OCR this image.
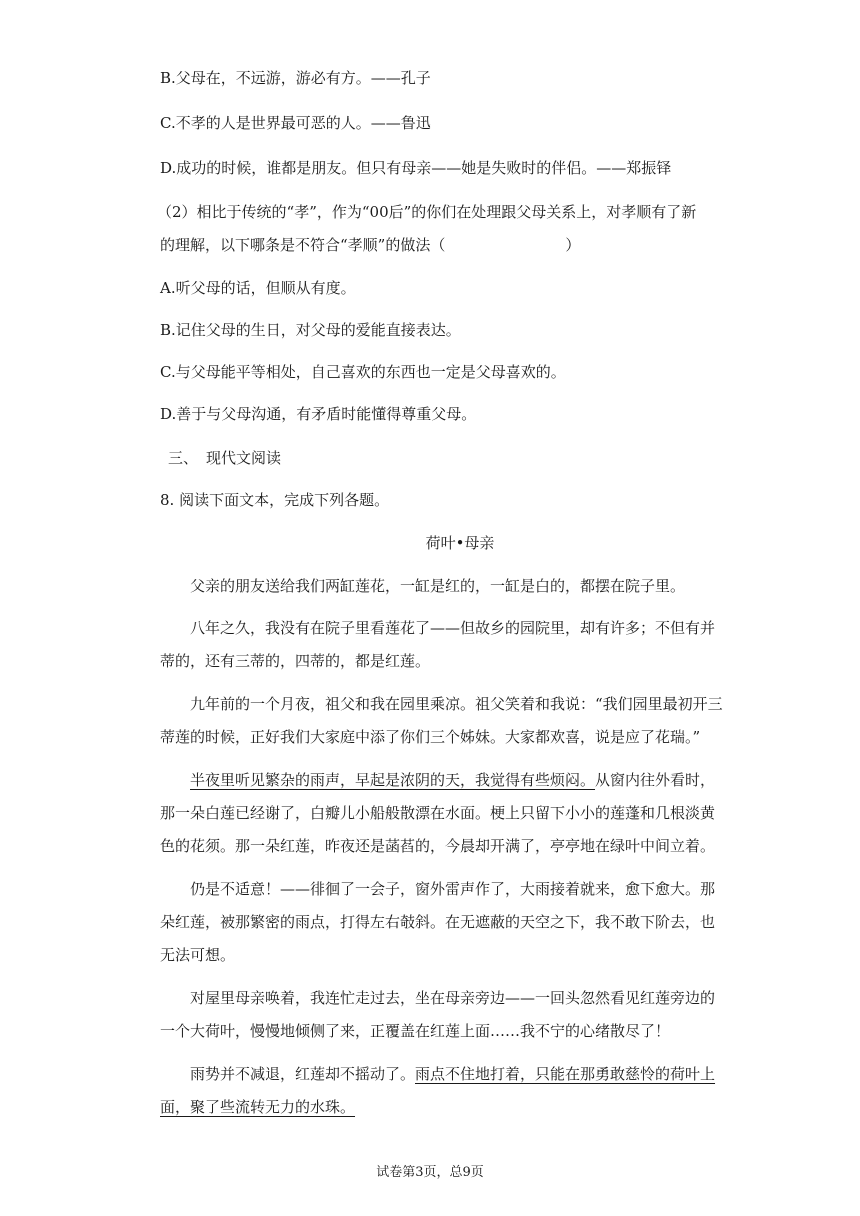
B.父母在，不远游，游必有方。——孔子
C.不孝的人是世界最可恶的人。——鲁迅
D.成功的时候，谁都是朋友。但只有母亲——她是失败时的伴侣。——郑振铎
（2）相比于传统的“孝”，作为“00后”的你们在处理跟父母关系上，对孝顺有了新
的理解，以下哪条是不符合“孝顺”的做法（	）
A.听父母的话，但顺从有度。
B.记住父母的生日，对父母的爱能直接表达。
C.与父母能平等相处，自己喜欢的东西也一定是父母喜欢的。
D.善于与父母沟通，有矛盾时能懂得尊重父母。
三、 现代文阅读
8. 阅读下面文本，完成下列各题。
荷叶•母亲
父亲的朋友送给我们两缸莲花，一缸是红的，一缸是白的，都摆在院子里。
八年之久，我没有在院子里看莲花了——但故乡的园院里，却有许多；不但有并
蒂的，还有三蒂的，四蒂的，都是红莲。
九年前的一个月夜，祖父和我在园里乘凉。祖父笑着和我说：“我们园里最初开三
蒂莲的时候，正好我们大家庭中添了你们三个姊妹。大家都欢喜，说是应了花瑞。”
半夜里听见繁杂的雨声，早起是浓阴的天，我觉得有些烦闷。从窗内往外看时，
那一朵白莲已经谢了，白瓣儿小船般散漂在水面。梗上只留下小小的莲蓬和几根淡黄
色的花须。那一朵红莲，昨夜还是菡萏的，今晨却开满了，亭亭地在绿叶中间立着。
仍是不适意！——徘徊了一会子，窗外雷声作了，大雨接着就来，愈下愈大。那
朵红莲，被那繁密的雨点，打得左右攲斜。在无遮蔽的天空之下，我不敢下阶去，也
无法可想。
对屋里母亲唤着，我连忙走过去，坐在母亲旁边——一回头忽然看见红莲旁边的
一个大荷叶，慢慢地倾侧了来，正覆盖在红莲上面……我不宁的心绪散尽了！
雨势并不减退，红莲却不摇动了。雨点不住地打着，只能在那勇敢慈怜的荷叶上
面，聚了些流转无力的水珠。
试卷第3页，总9页
